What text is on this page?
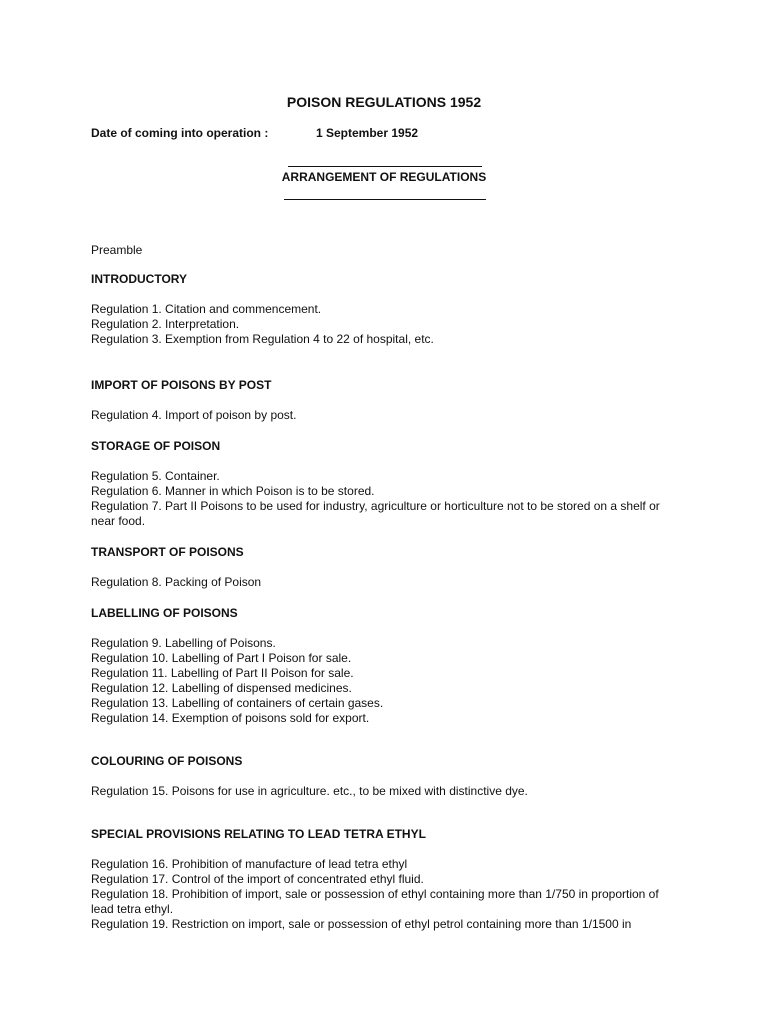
POISON REGULATIONS 1952
Date of coming into operation :	1 September 1952
ARRANGEMENT OF REGULATIONS
Preamble
INTRODUCTORY
Regulation 1. Citation and commencement.
Regulation 2. Interpretation.
Regulation 3. Exemption from Regulation 4 to 22 of hospital, etc.
IMPORT OF POISONS BY POST
Regulation 4. Import of poison by post.
STORAGE OF POISON
Regulation 5. Container.
Regulation 6. Manner in which Poison is to be stored.
Regulation 7. Part II Poisons to be used for industry, agriculture or horticulture not to be stored on a shelf or near food.
TRANSPORT OF POISONS
Regulation 8. Packing of Poison
LABELLING OF POISONS
Regulation 9. Labelling of Poisons.
Regulation 10. Labelling of Part I Poison for sale.
Regulation 11. Labelling of Part II Poison for sale.
Regulation 12. Labelling of dispensed medicines.
Regulation 13. Labelling of containers of certain gases.
Regulation 14. Exemption of poisons sold for export.
COLOURING OF POISONS
Regulation 15. Poisons for use in agriculture. etc., to be mixed with distinctive dye.
SPECIAL PROVISIONS RELATING TO LEAD TETRA ETHYL
Regulation 16. Prohibition of manufacture of lead tetra ethyl
Regulation 17. Control of the import of concentrated ethyl fluid.
Regulation 18. Prohibition of import, sale or possession of ethyl containing more than 1/750 in proportion of lead tetra ethyl.
Regulation 19. Restriction on import, sale or possession of ethyl petrol containing more than 1/1500 in
